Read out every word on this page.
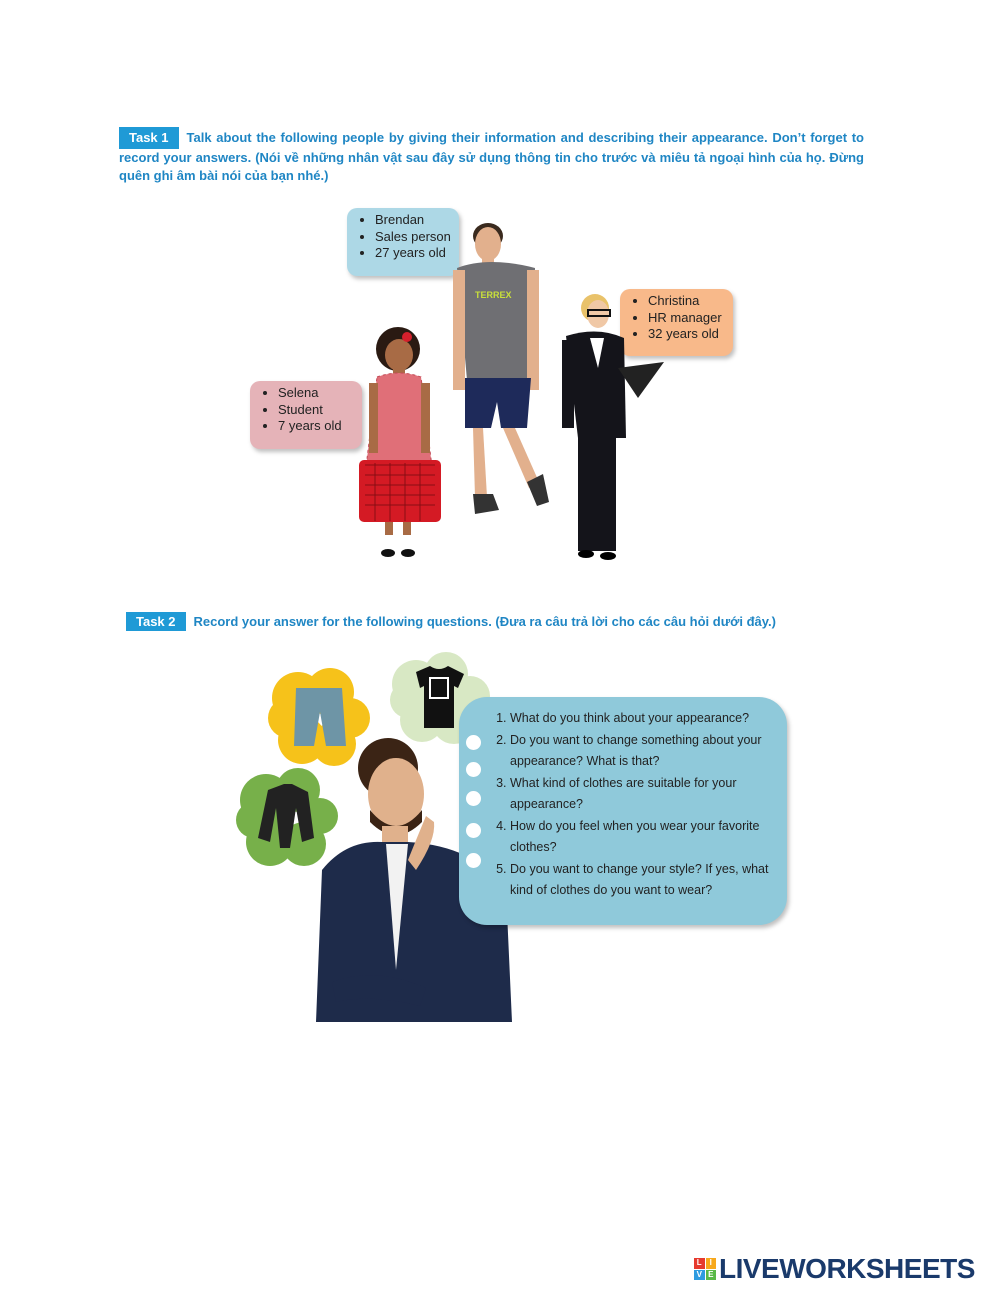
Task 1 Talk about the following people by giving their information and describing their appearance. Don’t forget to record your answers. (Nói về những nhân vật sau đây sử dụng thông tin cho trước và miêu tả ngoại hình của họ. Đừng quên ghi âm bài nói của bạn nhé.)
• Brendan
• Sales person
• 27 years old
• Christina
• HR manager
• 32 years old
• Selena
• Student
• 7 years old
TERREX
Task 2 Record your answer for the following questions. (Đưa ra câu trả lời cho các câu hỏi dưới đây.)
1. What do you think about your appearance?
2. Do you want to change something about your appearance? What is that?
3. What kind of clothes are suitable for your appearance?
4. How do you feel when you wear your favorite clothes?
5. Do you want to change your style? If yes, what kind of clothes do you want to wear?
L I
V E LIVEWORKSHEETS
